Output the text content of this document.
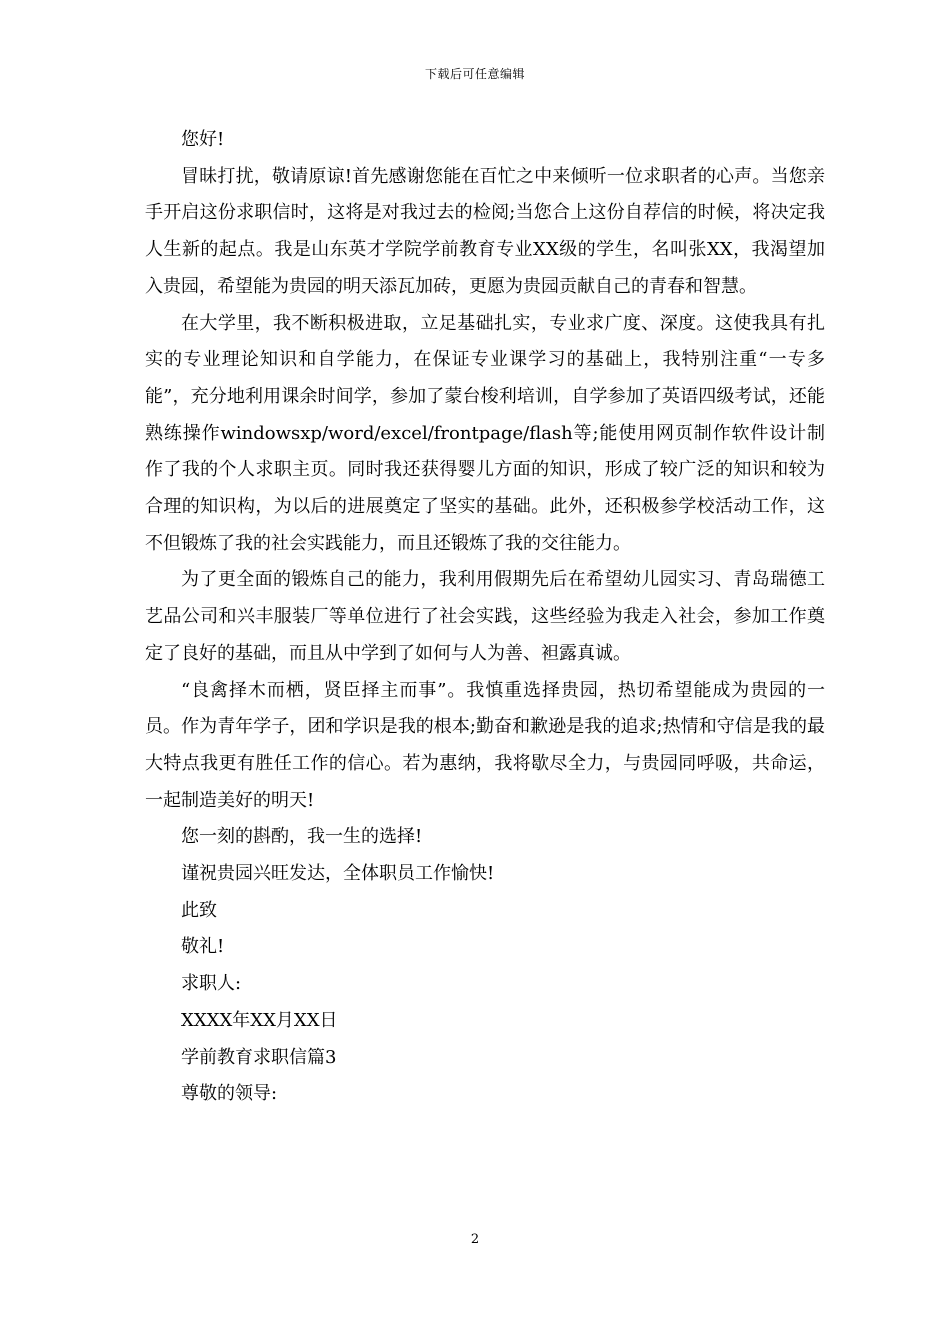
下载后可任意编辑

您好!

冒昧打扰，敬请原谅!首先感谢您能在百忙之中来倾听一位求职者的心声。当您亲手开启这份求职信时，这将是对我过去的检阅;当您合上这份自荐信的时候，将决定我人生新的起点。我是山东英才学院学前教育专业XX级的学生，名叫张XX，我渴望加入贵园，希望能为贵园的明天添瓦加砖，更愿为贵园贡献自己的青春和智慧。

在大学里，我不断积极进取，立足基础扎实，专业求广度、深度。这使我具有扎实的专业理论知识和自学能力，在保证专业课学习的基础上，我特别注重“一专多能”，充分地利用课余时间学，参加了蒙台梭利培训，自学参加了英语四级考试，还能熟练操作windowsxp/word/excel/frontpage/flash等;能使用网页制作软件设计制作了我的个人求职主页。同时我还获得婴儿方面的知识，形成了较广泛的知识和较为合理的知识构，为以后的进展奠定了坚实的基础。此外，还积极参学校活动工作，这不但锻炼了我的社会实践能力，而且还锻炼了我的交往能力。

为了更全面的锻炼自己的能力，我利用假期先后在希望幼儿园实习、青岛瑞德工艺品公司和兴丰服装厂等单位进行了社会实践，这些经验为我走入社会，参加工作奠定了良好的基础，而且从中学到了如何与人为善、袒露真诚。

“良禽择木而栖，贤臣择主而事”。我慎重选择贵园，热切希望能成为贵园的一员。作为青年学子，团和学识是我的根本;勤奋和歉逊是我的追求;热情和守信是我的最大特点我更有胜任工作的信心。若为惠纳，我将歇尽全力，与贵园同呼吸，共命运，一起制造美好的明天!

您一刻的斟酌，我一生的选择!

谨祝贵园兴旺发达，全体职员工作愉快!

此致

敬礼!

求职人:

XXXX年XX月XX日

学前教育求职信篇3

尊敬的领导:

2
